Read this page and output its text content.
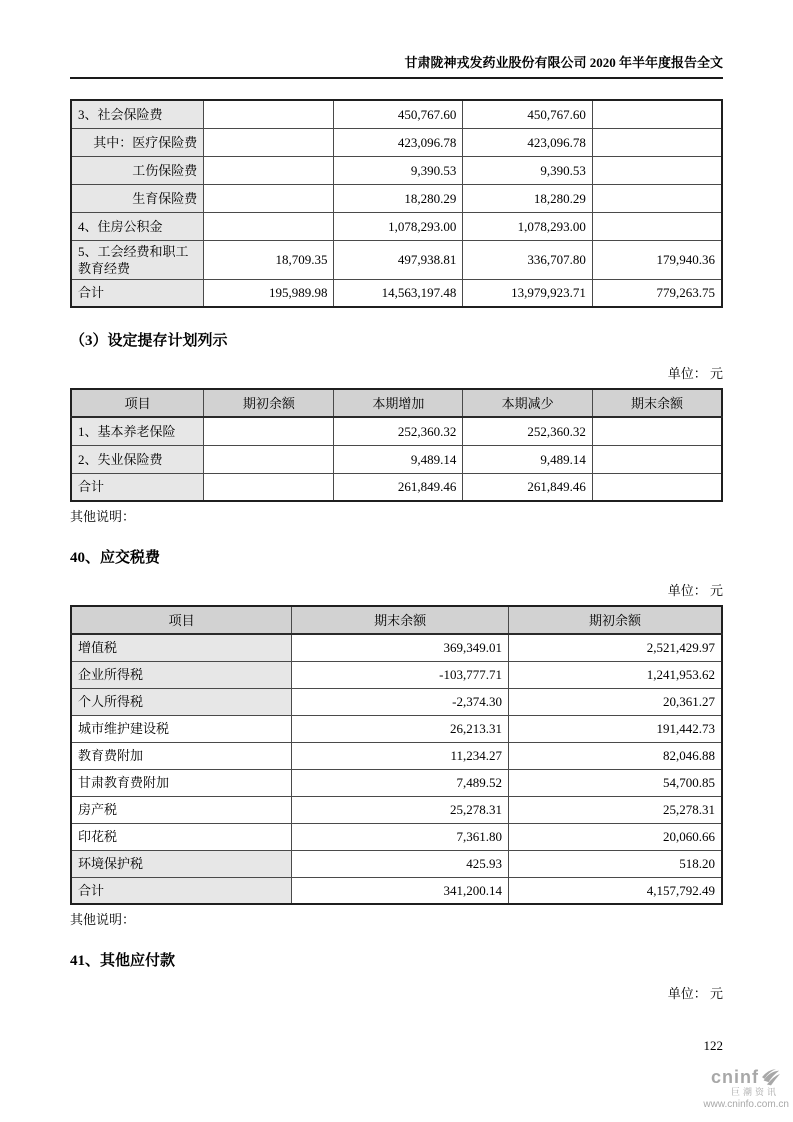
甘肃陇神戎发药业股份有限公司 2020 年半年度报告全文
3、社会保险费		450,767.60	450,767.60	
其中：医疗保险费		423,096.78	423,096.78	
工伤保险费		9,390.53	9,390.53	
生育保险费		18,280.29	18,280.29	
4、住房公积金		1,078,293.00	1,078,293.00	
5、工会经费和职工教育经费	18,709.35	497,938.81	336,707.80	179,940.36
合计	195,989.98	14,563,197.48	13,979,923.71	779,263.75
（3）设定提存计划列示
单位： 元
项目	期初余额	本期增加	本期减少	期末余额
1、基本养老保险		252,360.32	252,360.32	
2、失业保险费		9,489.14	9,489.14	
合计		261,849.46	261,849.46	
其他说明：
40、应交税费
单位： 元
项目	期末余额	期初余额
增值税	369,349.01	2,521,429.97
企业所得税	-103,777.71	1,241,953.62
个人所得税	-2,374.30	20,361.27
城市维护建设税	26,213.31	191,442.73
教育费附加	11,234.27	82,046.88
甘肃教育费附加	7,489.52	54,700.85
房产税	25,278.31	25,278.31
印花税	7,361.80	20,060.66
环境保护税	425.93	518.20
合计	341,200.14	4,157,792.49
其他说明：
41、其他应付款
单位： 元
122
cninf
巨潮资讯
www.cninfo.com.cn
